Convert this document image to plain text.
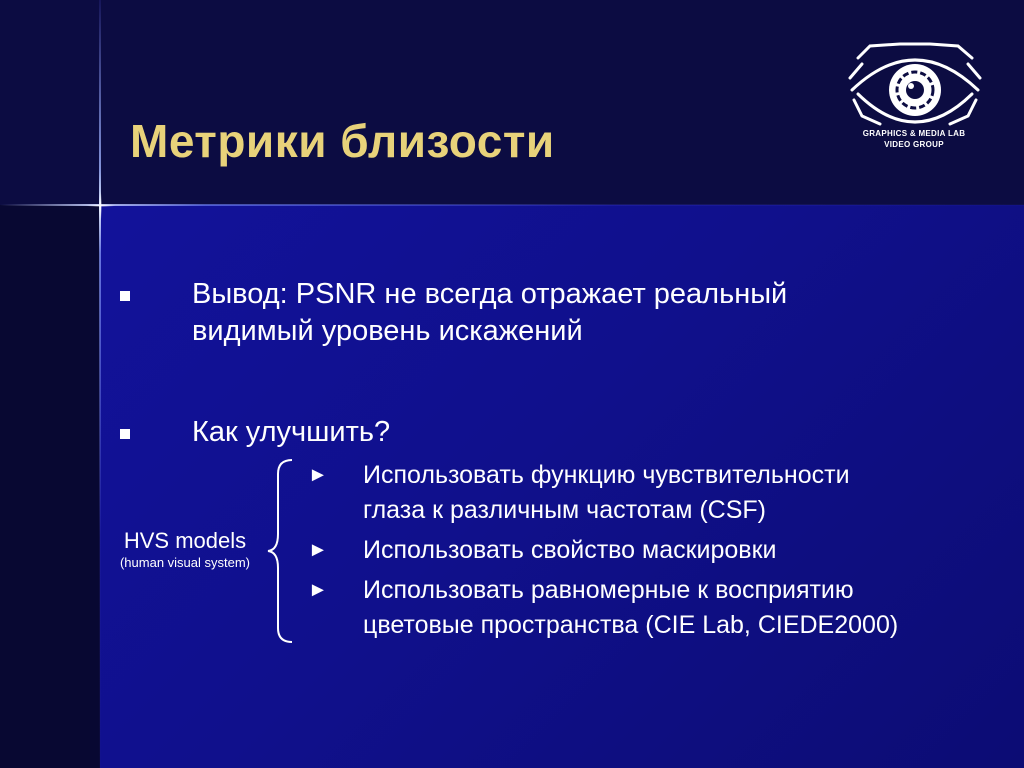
Метрики близости	GRAPHICS & MEDIA LAB
VIDEO GROUP
Вывод: PSNR не всегда отражает реальный
видимый уровень искажений
Как улучшить?
► Использовать функцию чувствительности
глаза к различным частотам (CSF)
► Использовать свойство маскировки
► Использовать равномерные к восприятию
цветовые пространства (CIE Lab, CIEDE2000)
HVS models
(human visual system)
